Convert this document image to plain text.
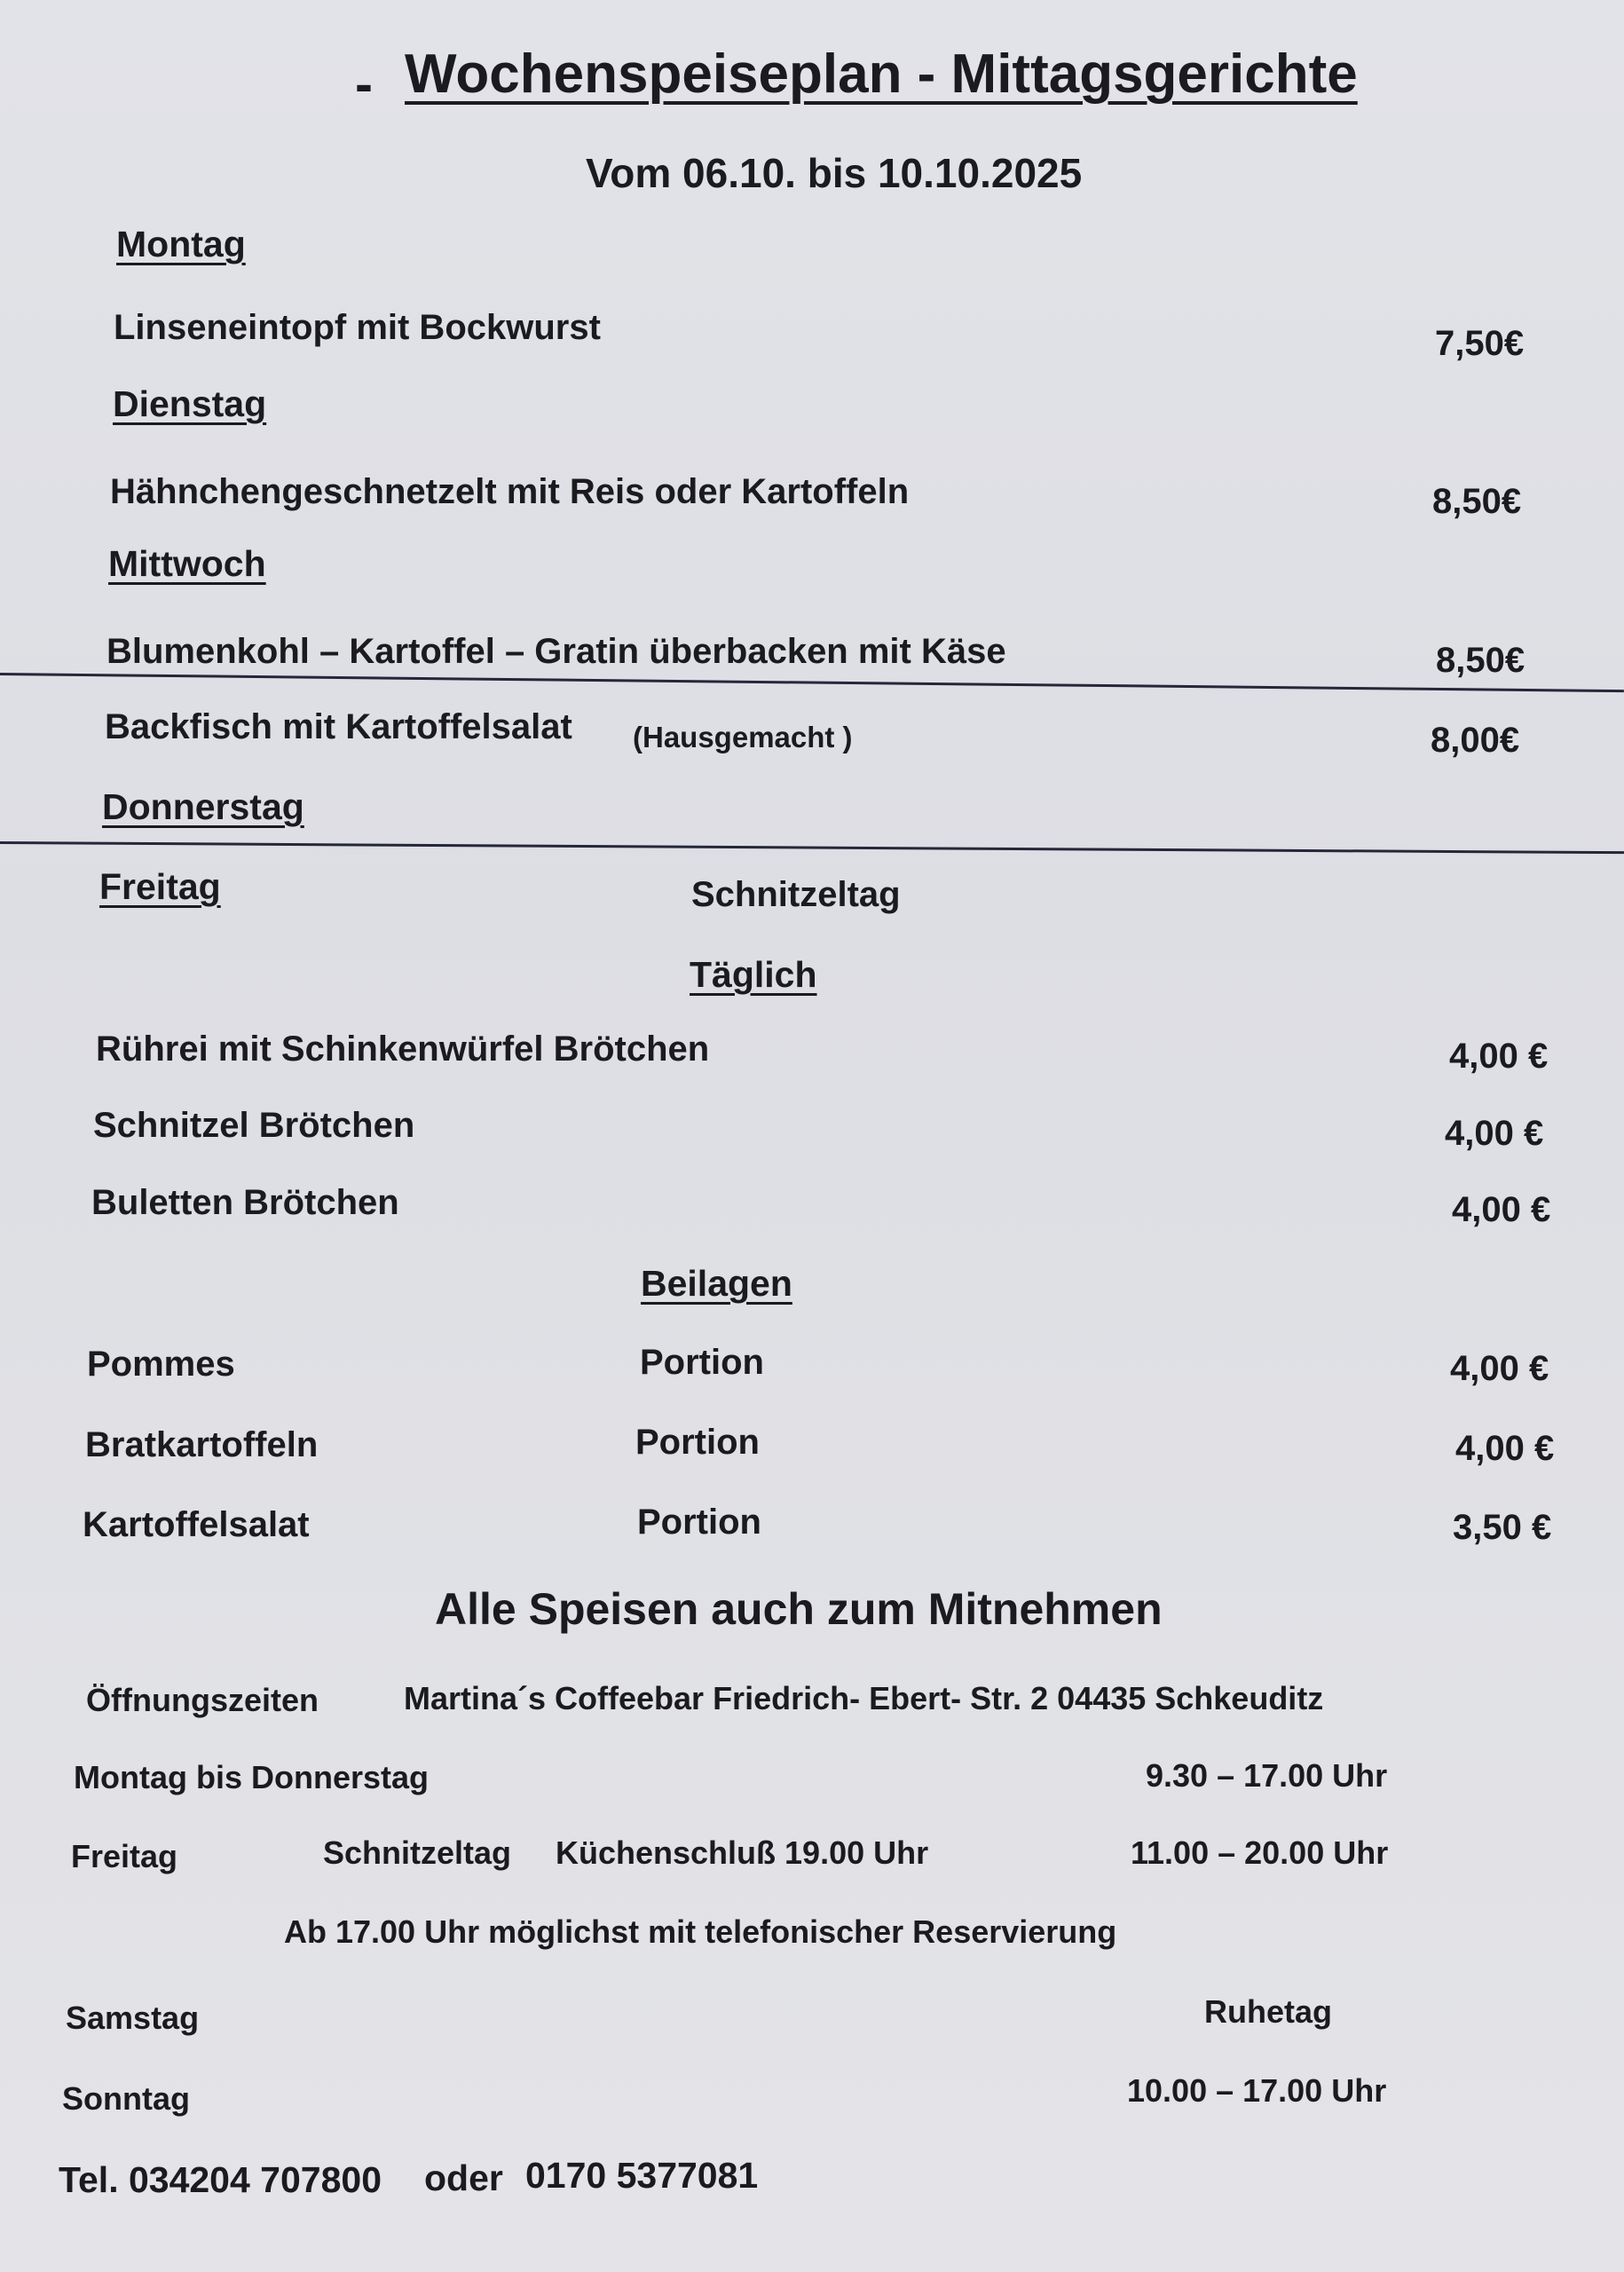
- Wochenspeiseplan - Mittagsgerichte
Vom 06.10. bis 10.10.2025
Montag
Linseneintopf mit Bockwurst	7,50€
Dienstag
Hähnchengeschnetzelt mit Reis oder Kartoffeln	8,50€
Mittwoch
Blumenkohl – Kartoffel – Gratin überbacken mit Käse	8,50€
Backfisch mit Kartoffelsalat (Hausgemacht )	8,00€
Donnerstag
Freitag	Schnitzeltag
Täglich
Rührei mit Schinkenwürfel Brötchen	4,00 €
Schnitzel Brötchen	4,00 €
Buletten Brötchen	4,00 €
Beilagen
Pommes	Portion	4,00 €
Bratkartoffeln	Portion	4,00 €
Kartoffelsalat	Portion	3,50 €
Alle Speisen auch zum Mitnehmen
Öffnungszeiten	Martina´s Coffeebar Friedrich- Ebert- Str. 2 04435 Schkeuditz
Montag bis Donnerstag	9.30 – 17.00 Uhr
Freitag	Schnitzeltag Küchenschluß 19.00 Uhr	11.00 – 20.00 Uhr
Ab 17.00 Uhr möglichst mit telefonischer Reservierung
Samstag	Ruhetag
Sonntag	10.00 – 17.00 Uhr
Tel. 034204 707800 oder 0170 5377081
